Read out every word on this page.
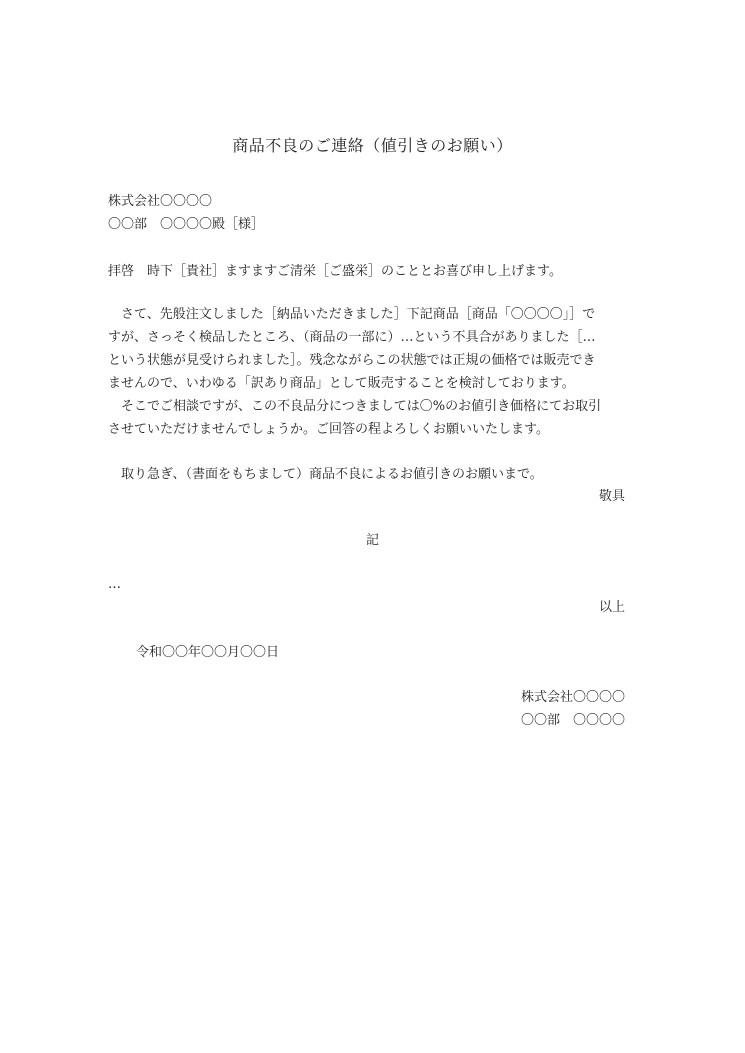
商品不良のご連絡（値引きのお願い）
株式会社〇〇〇〇
〇〇部　〇〇〇〇殿［様］
拝啓　時下［貴社］ますますご清栄［ご盛栄］のこととお喜び申し上げます。
　さて、先般注文しました［納品いただきました］下記商品［商品「〇〇〇〇」］で
すが、さっそく検品したところ、（商品の一部に）…という不具合がありました［…
という状態が見受けられました］。残念ながらこの状態では正規の価格では販売でき
ませんので、いわゆる「訳あり商品」として販売することを検討しております。
　そこでご相談ですが、この不良品分につきましては〇%のお値引き価格にてお取引
させていただけませんでしょうか。ご回答の程よろしくお願いいたします。
　取り急ぎ、（書面をもちまして）商品不良によるお値引きのお願いまで。
敬具
記
…
以上
令和〇〇年〇〇月〇〇日
株式会社〇〇〇〇
〇〇部　〇〇〇〇
